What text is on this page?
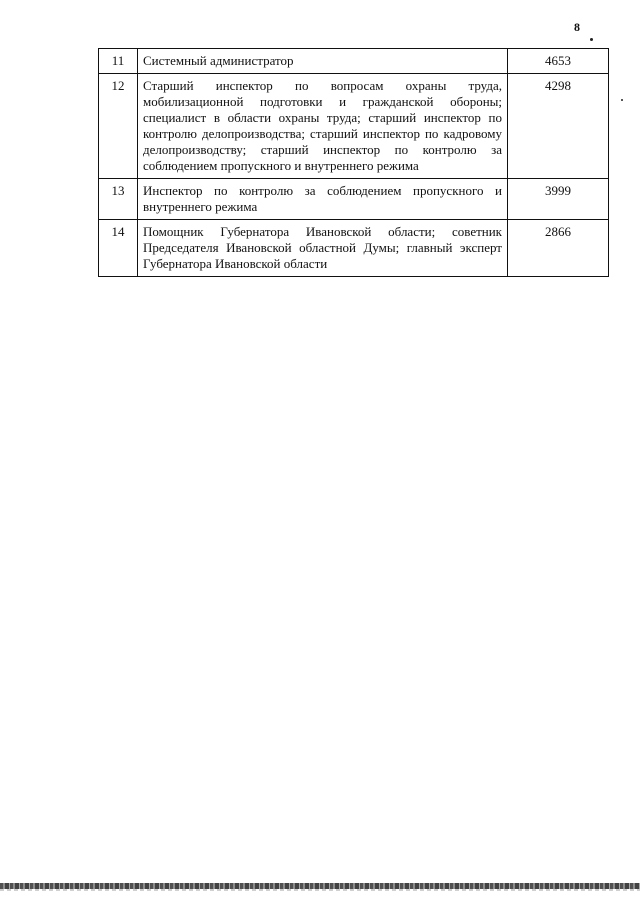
8
11	Системный администратор	4653
12	Старший инспектор по вопросам охраны труда, мобилизационной подготовки и гражданской обороны; специалист в области охраны труда; старший инспектор по контролю делопроизводства; старший инспектор по кадровому делопроизводству; старший инспектор по контролю за соблюдением пропускного и внутреннего режима	4298
13	Инспектор по контролю за соблюдением пропускного и внутреннего режима	3999
14	Помощник Губернатора Ивановской области; советник Председателя Ивановской областной Думы; главный эксперт Губернатора Ивановской области	2866
